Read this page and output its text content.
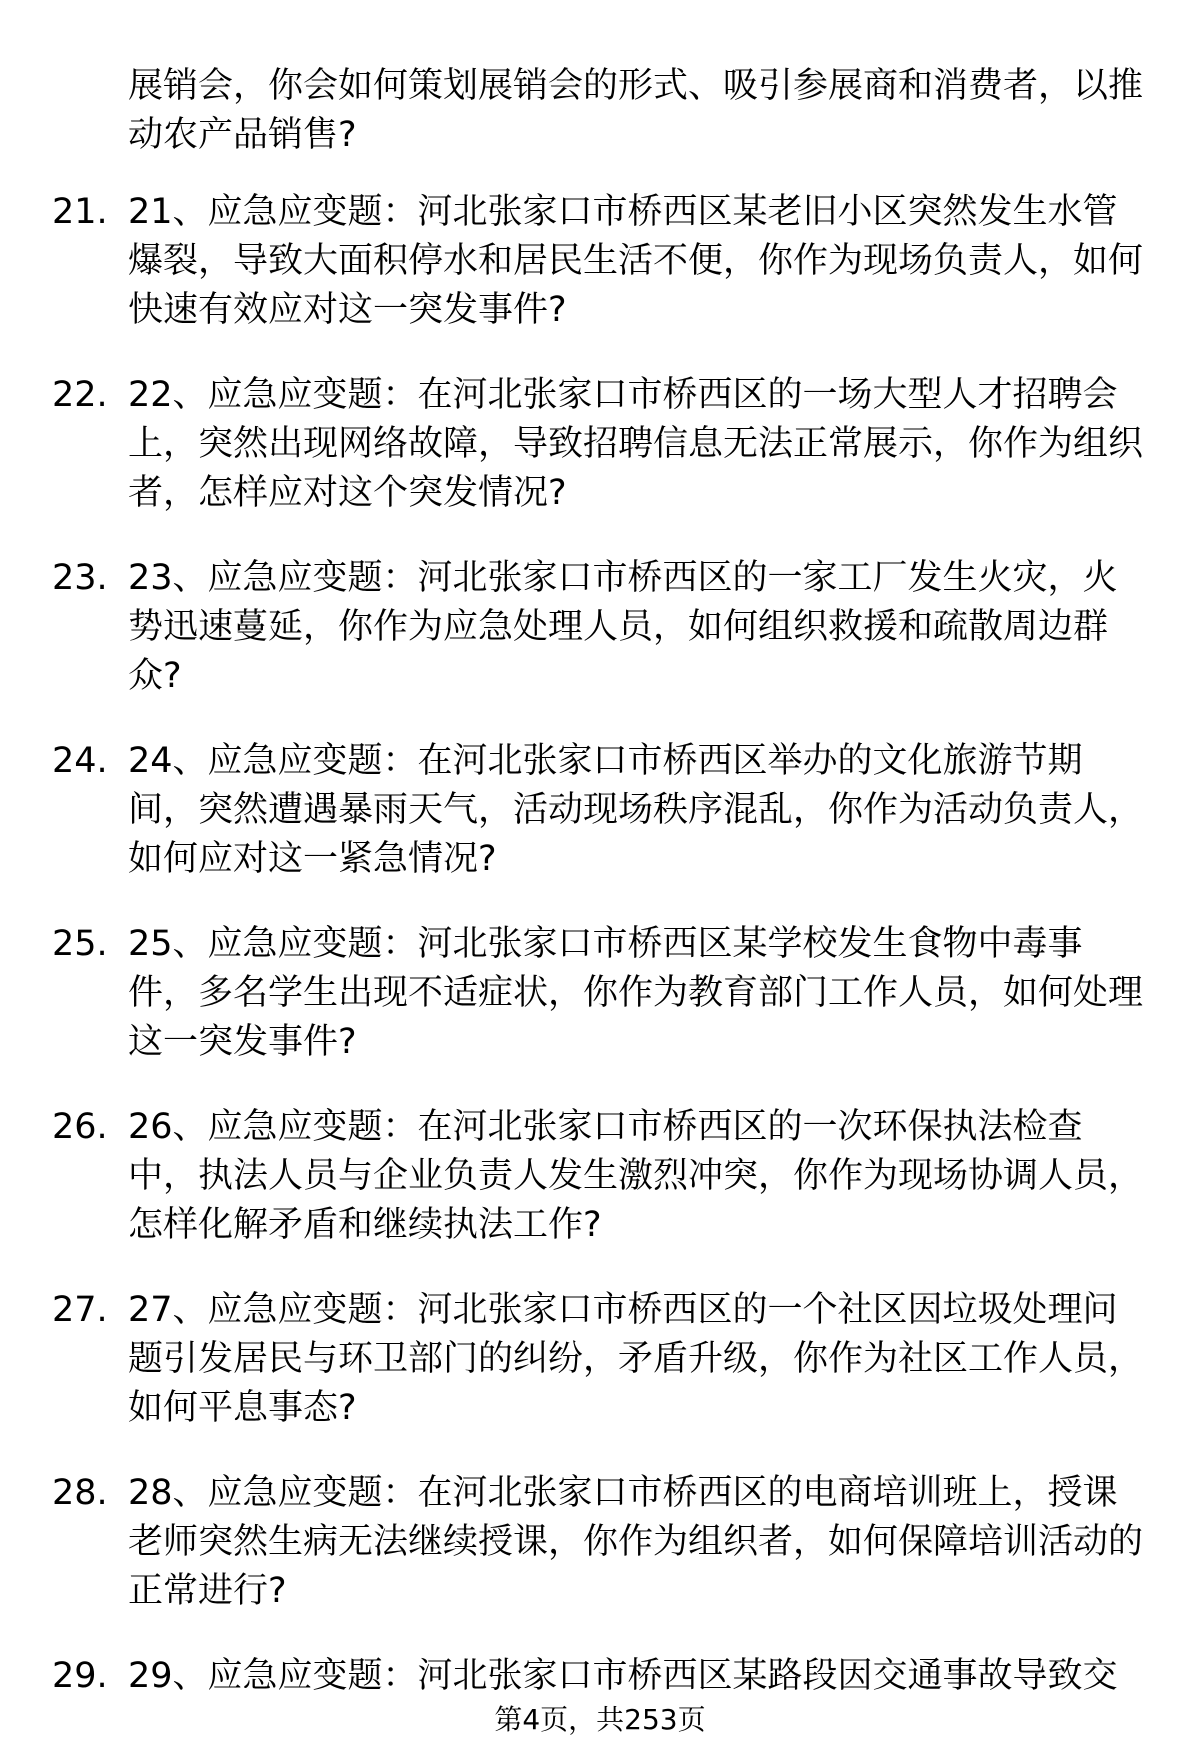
展销会，你会如何策划展销会的形式、吸引参展商和消费者，以推动农产品销售?

21. 21、应急应变题：河北张家口市桥西区某老旧小区突然发生水管爆裂，导致大面积停水和居民生活不便，你作为现场负责人，如何快速有效应对这一突发事件?
22. 22、应急应变题：在河北张家口市桥西区的一场大型人才招聘会上，突然出现网络故障，导致招聘信息无法正常展示，你作为组织者，怎样应对这个突发情况?
23. 23、应急应变题：河北张家口市桥西区的一家工厂发生火灾，火势迅速蔓延，你作为应急处理人员，如何组织救援和疏散周边群众?
24. 24、应急应变题：在河北张家口市桥西区举办的文化旅游节期间，突然遭遇暴雨天气，活动现场秩序混乱，你作为活动负责人，如何应对这一紧急情况?
25. 25、应急应变题：河北张家口市桥西区某学校发生食物中毒事件，多名学生出现不适症状，你作为教育部门工作人员，如何处理这一突发事件?
26. 26、应急应变题：在河北张家口市桥西区的一次环保执法检查中，执法人员与企业负责人发生激烈冲突，你作为现场协调人员，怎样化解矛盾和继续执法工作?
27. 27、应急应变题：河北张家口市桥西区的一个社区因垃圾处理问题引发居民与环卫部门的纠纷，矛盾升级，你作为社区工作人员，如何平息事态?
28. 28、应急应变题：在河北张家口市桥西区的电商培训班上，授课老师突然生病无法继续授课，你作为组织者，如何保障培训活动的正常进行?
29. 29、应急应变题：河北张家口市桥西区某路段因交通事故导致交
第4页，共253页
